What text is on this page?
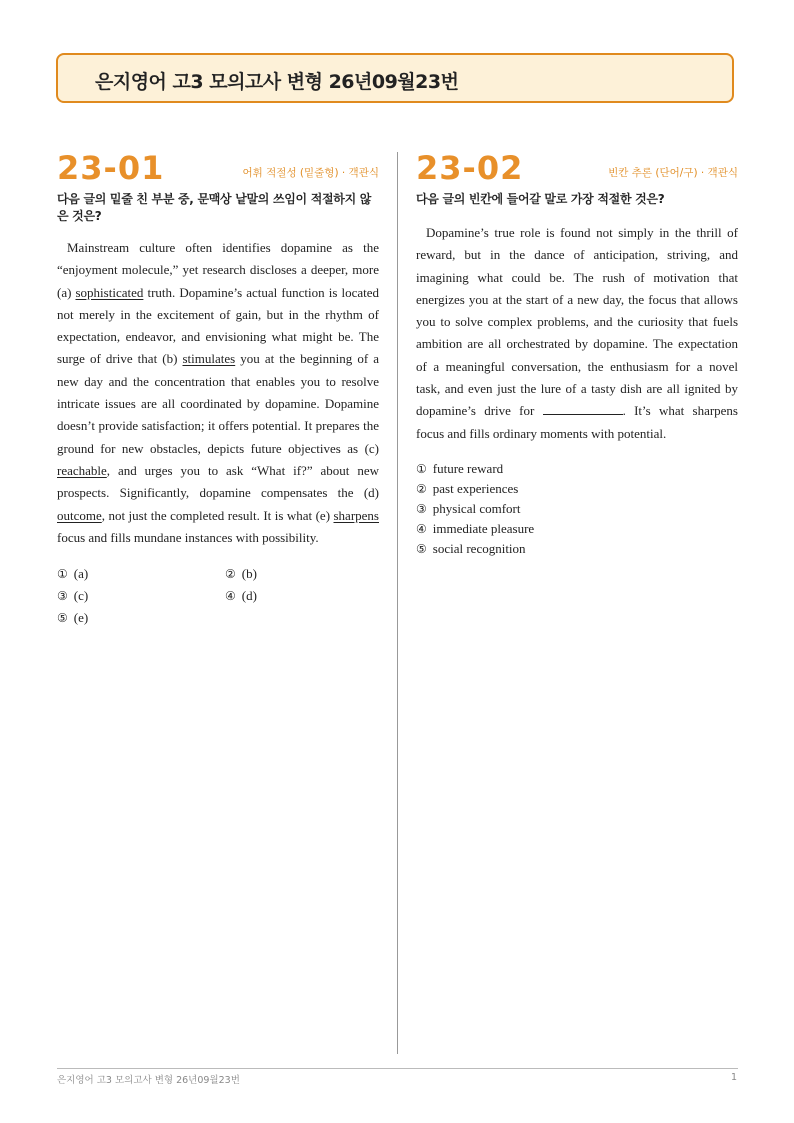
은지영어 고3 모의고사 변형 26년09월23번
23-01	어휘 적절성 (밑줄형) · 객관식
다음 글의 밑줄 친 부분 중, 문맥상 낱말의 쓰임이 적절하지 않은 것은?
Mainstream culture often identifies dopamine as the “enjoyment molecule,” yet research discloses a deeper, more (a) sophisticated truth. Dopamine’s actual function is located not merely in the excitement of gain, but in the rhythm of expectation, endeavor, and envisioning what might be. The surge of drive that (b) stimulates you at the beginning of a new day and the concentration that enables you to resolve intricate issues are all coordinated by dopamine. Dopamine doesn’t provide satisfaction; it offers potential. It prepares the ground for new obstacles, depicts future objectives as (c) reachable, and urges you to ask “What if?” about new prospects. Significantly, dopamine compensates the (d) outcome, not just the completed result. It is what (e) sharpens focus and fills mundane instances with possibility.
① (a)	② (b)
③ (c)	④ (d)
⑤ (e)
23-02	빈칸 추론 (단어/구) · 객관식
다음 글의 빈칸에 들어갈 말로 가장 적절한 것은?
Dopamine’s true role is found not simply in the thrill of reward, but in the dance of anticipation, striving, and imagining what could be. The rush of motivation that energizes you at the start of a new day, the focus that allows you to solve complex problems, and the curiosity that fuels ambition are all orchestrated by dopamine. The expectation of a meaningful conversation, the enthusiasm for a novel task, and even just the lure of a tasty dish are all ignited by dopamine’s drive for	. It’s what sharpens focus and fills ordinary moments with potential.
① future reward
② past experiences
③ physical comfort
④ immediate pleasure
⑤ social recognition
은지영어 고3 모의고사 변형 26년09월23번	1
